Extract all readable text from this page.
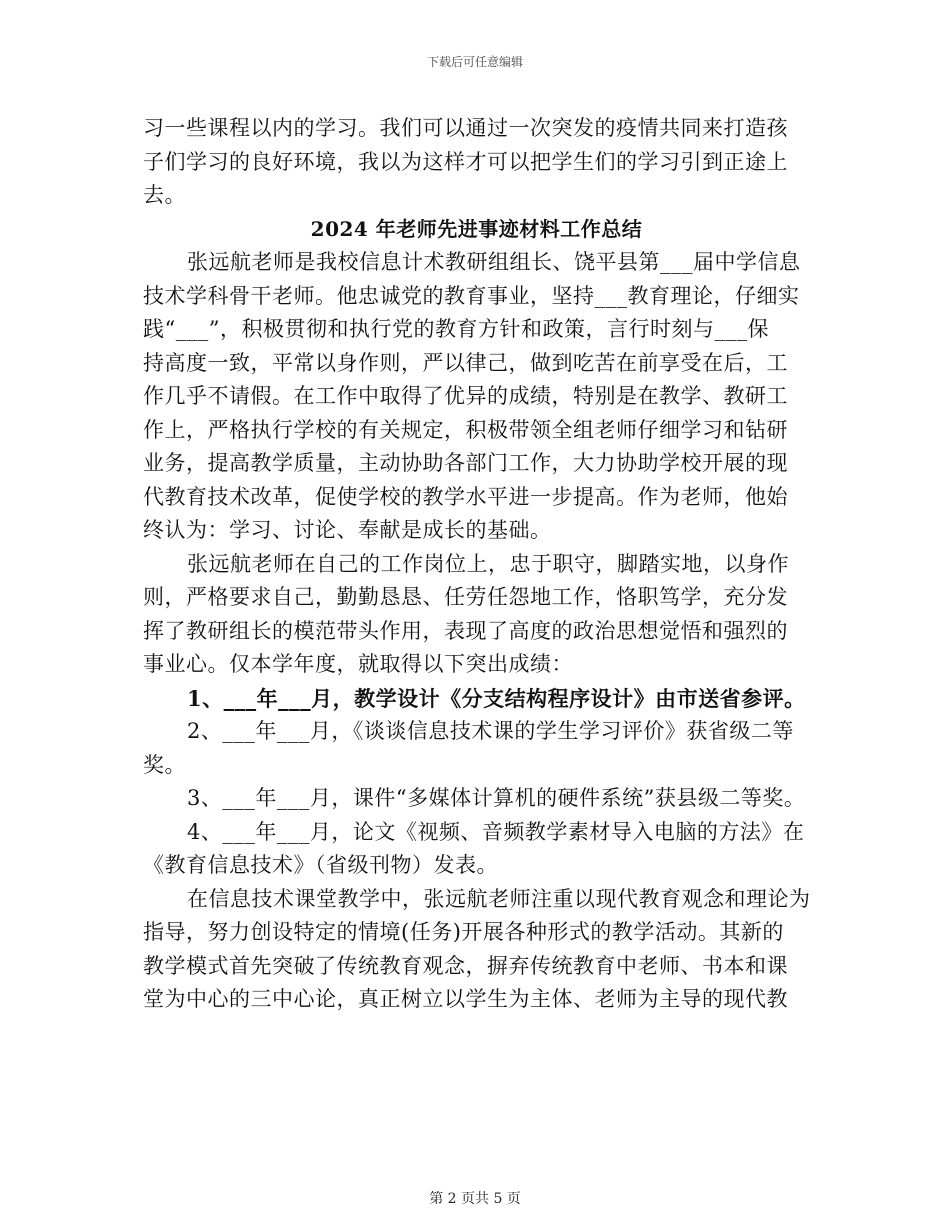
下载后可任意编辑
习一些课程以内的学习。我们可以通过一次突发的疫情共同来打造孩
子们学习的良好环境，我以为这样才可以把学生们的学习引到正途上
去。
2024 年老师先进事迹材料工作总结
张远航老师是我校信息计术教研组组长、饶平县第___届中学信息
技术学科骨干老师。他忠诚党的教育事业，坚持___教育理论，仔细实
践“___”，积极贯彻和执行党的教育方针和政策，言行时刻与___保
持高度一致，平常以身作则，严以律己，做到吃苦在前享受在后，工
作几乎不请假。在工作中取得了优异的成绩，特别是在教学、教研工
作上，严格执行学校的有关规定，积极带领全组老师仔细学习和钻研
业务，提高教学质量，主动协助各部门工作，大力协助学校开展的现
代教育技术改革，促使学校的教学水平进一步提高。作为老师，他始
终认为：学习、讨论、奉献是成长的基础。
张远航老师在自己的工作岗位上，忠于职守，脚踏实地，以身作
则，严格要求自己，勤勤恳恳、任劳任怨地工作，恪职笃学，充分发
挥了教研组长的模范带头作用，表现了高度的政治思想觉悟和强烈的
事业心。仅本学年度，就取得以下突出成绩：
1、___年___月，教学设计《分支结构程序设计》由市送省参评。
2、___年___月，《谈谈信息技术课的学生学习评价》获省级二等
奖。
3、___年___月，课件“多媒体计算机的硬件系统”获县级二等奖。
4、___年___月，论文《视频、音频教学素材导入电脑的方法》在
《教育信息技术》（省级刊物）发表。
在信息技术课堂教学中，张远航老师注重以现代教育观念和理论为
指导，努力创设特定的情境(任务)开展各种形式的教学活动。其新的
教学模式首先突破了传统教育观念，摒弃传统教育中老师、书本和课
堂为中心的三中心论，真正树立以学生为主体、老师为主导的现代教
第 2 页共 5 页
